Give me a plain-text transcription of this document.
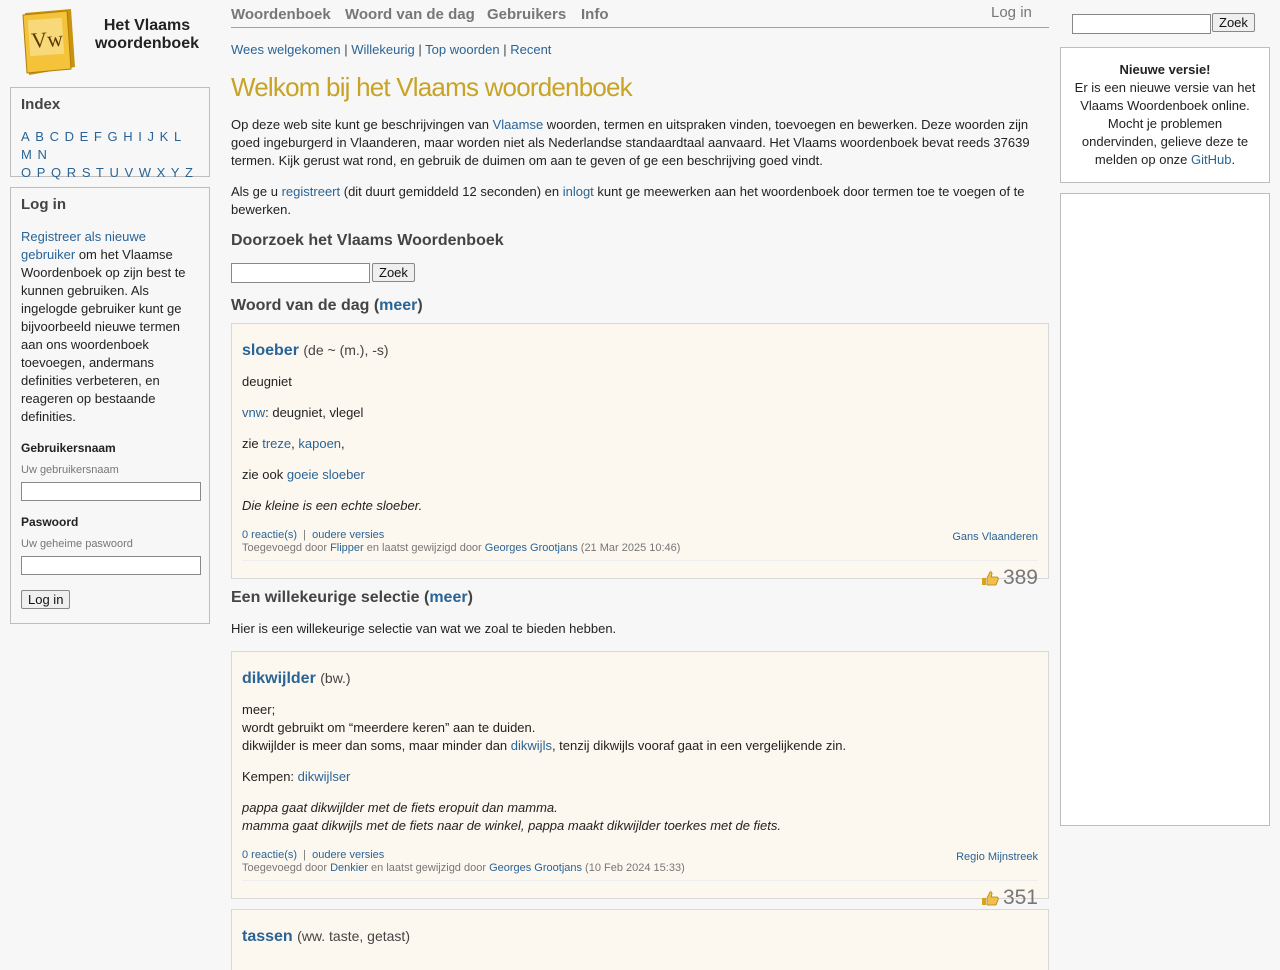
Vw
Het Vlaams
woordenboek
Index
A B C D E F G H I J K L M N
O P Q R S T U V W X Y Z
Log in
Registreer als nieuwe gebruiker om het Vlaamse Woordenboek op zijn best te kunnen gebruiken. Als ingelogde gebruiker kunt ge bijvoorbeeld nieuwe termen aan ons woordenboek toevoegen, andermans definities verbeteren, en reageren op bestaande definities.
Gebruikersnaam
Uw gebruikersnaam
Paswoord
Uw geheime paswoord
Log in
Woordenboek Woord van de dag Gebruikers Info	Log in
Wees welgekomen | Willekeurig | Top woorden | Recent
Welkom bij het Vlaams woordenboek

Op deze web site kunt ge beschrijvingen van Vlaamse woorden, termen en uitspraken vinden, toevoegen en bewerken. Deze woorden zijn goed ingeburgerd in Vlaanderen, maar worden niet als Nederlandse standaardtaal aanvaard. Het Vlaams woordenboek bevat reeds 37639 termen. Kijk gerust wat rond, en gebruik de duimen om aan te geven of ge een beschrijving goed vindt.

Als ge u registreert (dit duurt gemiddeld 12 seconden) en inlogt kunt ge meewerken aan het woordenboek door termen toe te voegen of te bewerken.

Doorzoek het Vlaams Woordenboek
Zoek
Woord van de dag (meer)
sloeber (de ~ (m.), -s)
deugniet
vnw: deugniet, vlegel
zie treze, kapoen,
zie ook goeie sloeber
Die kleine is een echte sloeber.
0 reactie(s) | oudere versies
Toegevoegd door Flipper en laatst gewijzigd door Georges Grootjans (21 Mar 2025 10:46)
Gans Vlaanderen
389
Een willekeurige selectie (meer)

Hier is een willekeurige selectie van wat we zoal te bieden hebben.

dikwijlder (bw.)
meer;
wordt gebruikt om “meerdere keren” aan te duiden.
dikwijlder is meer dan soms, maar minder dan dikwijls, tenzij dikwijls vooraf gaat in een vergelijkende zin.
Kempen: dikwijlser
pappa gaat dikwijlder met de fiets eropuit dan mamma.
mamma gaat dikwijls met de fiets naar de winkel, pappa maakt dikwijlder toerkes met de fiets.
0 reactie(s) | oudere versies
Toegevoegd door Denkier en laatst gewijzigd door Georges Grootjans (10 Feb 2024 15:33)
Regio Mijnstreek
351
tassen (ww. taste, getast)
Zoek
Nieuwe versie!
Er is een nieuwe versie van het Vlaams Woordenboek online. Mocht je problemen ondervinden, gelieve deze te melden op onze GitHub.
